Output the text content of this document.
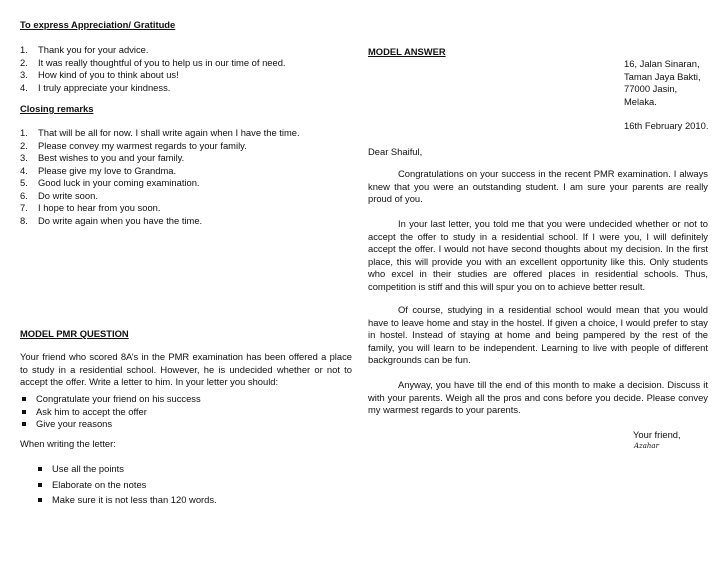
To express Appreciation/ Gratitude
1. Thank you for your advice.
2. It was really thoughtful of you to help us in our time of need.
3. How kind of you to think about us!
4. I truly appreciate your kindness.
Closing remarks
1. That will be all for now. I shall write again when I have the time.
2. Please convey my warmest regards to your family.
3. Best wishes to you and your family.
4. Please give my love to Grandma.
5. Good luck in your coming examination.
6. Do write soon.
7. I hope to hear from you soon.
8. Do write again when you have the time.
MODEL PMR QUESTION
Your friend who scored 8A’s in the PMR examination has been offered a place to study in a residential school. However, he is undecided whether or not to accept the offer. Write a letter to him. In your letter you should:
Congratulate your friend on his success
Ask him to accept the offer
Give your reasons
When writing the letter:
Use all the points
Elaborate on the notes
Make sure it is not less than 120 words.
MODEL ANSWER
16, Jalan Sinaran,
Taman Jaya Bakti,
77000 Jasin,
Melaka.
16th February 2010.
Dear Shaiful,
Congratulations on your success in the recent PMR examination. I always knew that you were an outstanding student. I am sure your parents are really proud of you.
In your last letter, you told me that you were undecided whether or not to accept the offer to study in a residential school. If I were you, I will definitely accept the offer. I would not have second thoughts about my decision. In the first place, this will provide you with an excellent opportunity like this. Only students who excel in their studies are offered places in residential schools. Thus, competition is stiff and this will spur you on to achieve better result.
Of course, studying in a residential school would mean that you would have to leave home and stay in the hostel. If given a choice, I would prefer to stay in hostel. Instead of staying at home and being pampered by the rest of the family, you will learn to be independent. Learning to live with people of different backgrounds can be fun.
Anyway, you have till the end of this month to make a decision. Discuss it with your parents. Weigh all the pros and cons before you decide. Please convey my warmest regards to your parents.
Your friend,
Azahar
